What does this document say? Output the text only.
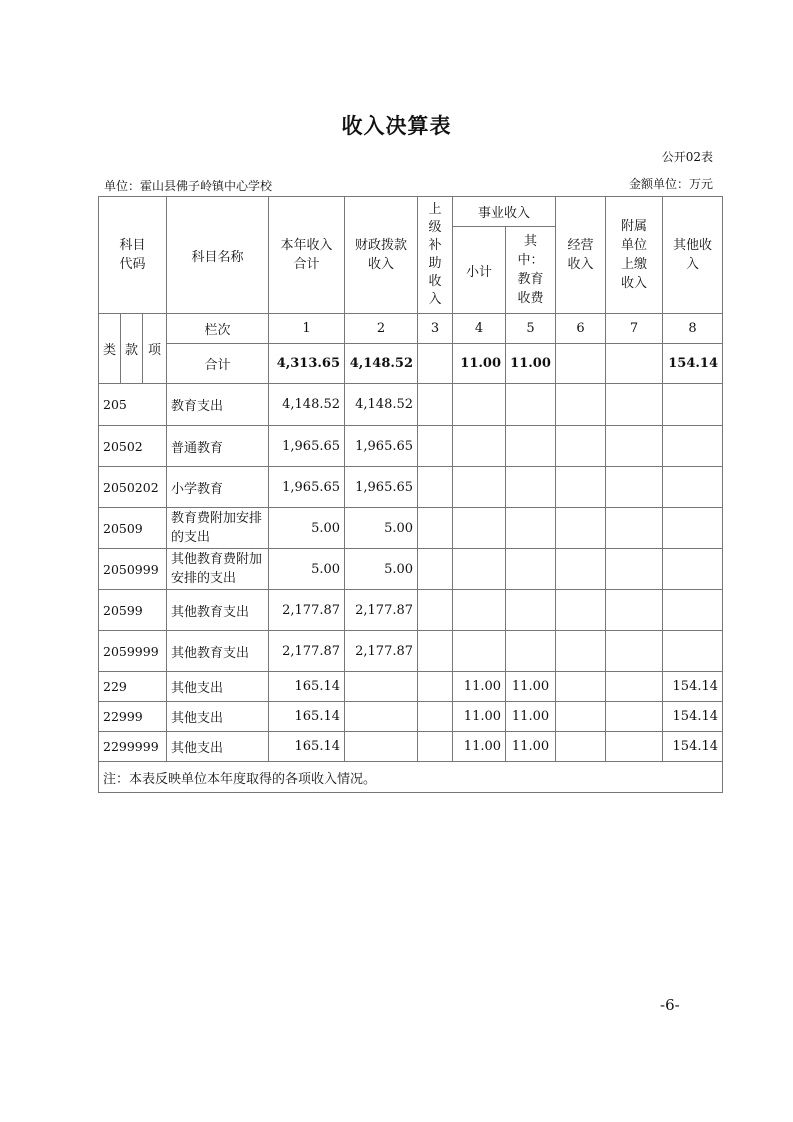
收入决算表
公开02表
单位：霍山县佛子岭镇中心学校	金额单位：万元
科目代码			科目名称	本年收入合计	财政拨款收入	上级补助收入	事业收入		经营收入	附属单位上缴收入	其他收入
							小计	其中：教育收费			
类	款	项	栏次	1	2	3	4	5	6	7	8
			合计	4,313.65	4,148.52		11.00	11.00			154.14
205			教育支出	4,148.52	4,148.52						
20502			普通教育	1,965.65	1,965.65						
2050202			小学教育	1,965.65	1,965.65						
20509			教育费附加安排的支出	5.00	5.00						
2050999			其他教育费附加安排的支出	5.00	5.00						
20599			其他教育支出	2,177.87	2,177.87						
2059999			其他教育支出	2,177.87	2,177.87						
229			其他支出	165.14			11.00	11.00			154.14
22999			其他支出	165.14			11.00	11.00			154.14
2299999			其他支出	165.14			11.00	11.00			154.14
注：本表反映单位本年度取得的各项收入情况。											
-6-
